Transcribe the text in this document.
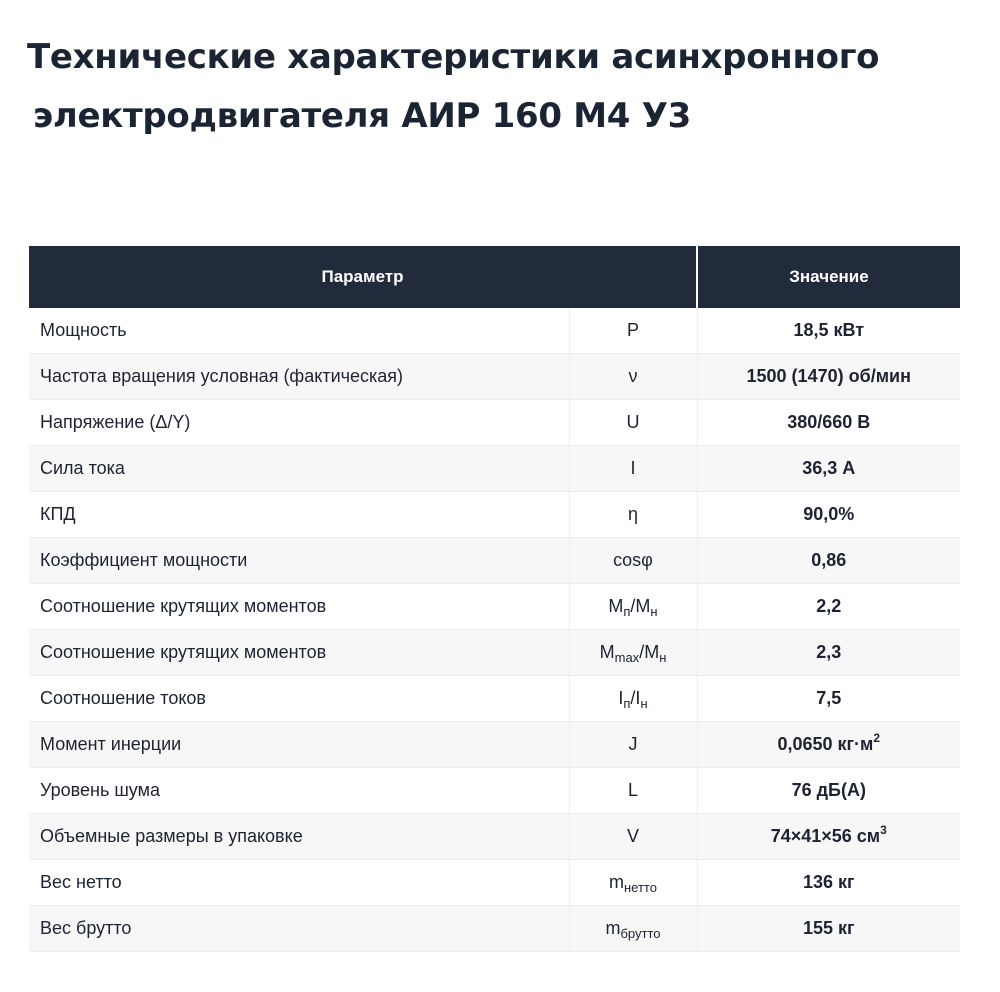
Технические характеристики асинхронного
электродвигателя АИР 160 М4 У3
Параметр		Значение
Мощность	P	18,5 кВт
Частота вращения условная (фактическая)	ν	1500 (1470) об/мин
Напряжение (Δ/Y)	U	380/660 В
Сила тока	I	36,3 А
КПД	η	90,0%
Коэффициент мощности	cosφ	0,86
Соотношение крутящих моментов	$M_п/M_н$	2,2
Соотношение крутящих моментов	$M_{max}/M_н$	2,3
Соотношение токов	$I_п/I_н$	7,5
Момент инерции	J	0,0650 $кг\cdot м^2$
Уровень шума	L	76 дБ(А)
Объемные размеры в упаковке	V	74×41×56 $см^3$
Вес нетто	$m_{нетто}$	136 кг
Вес брутто	$m_{брутто}$	155 кг
